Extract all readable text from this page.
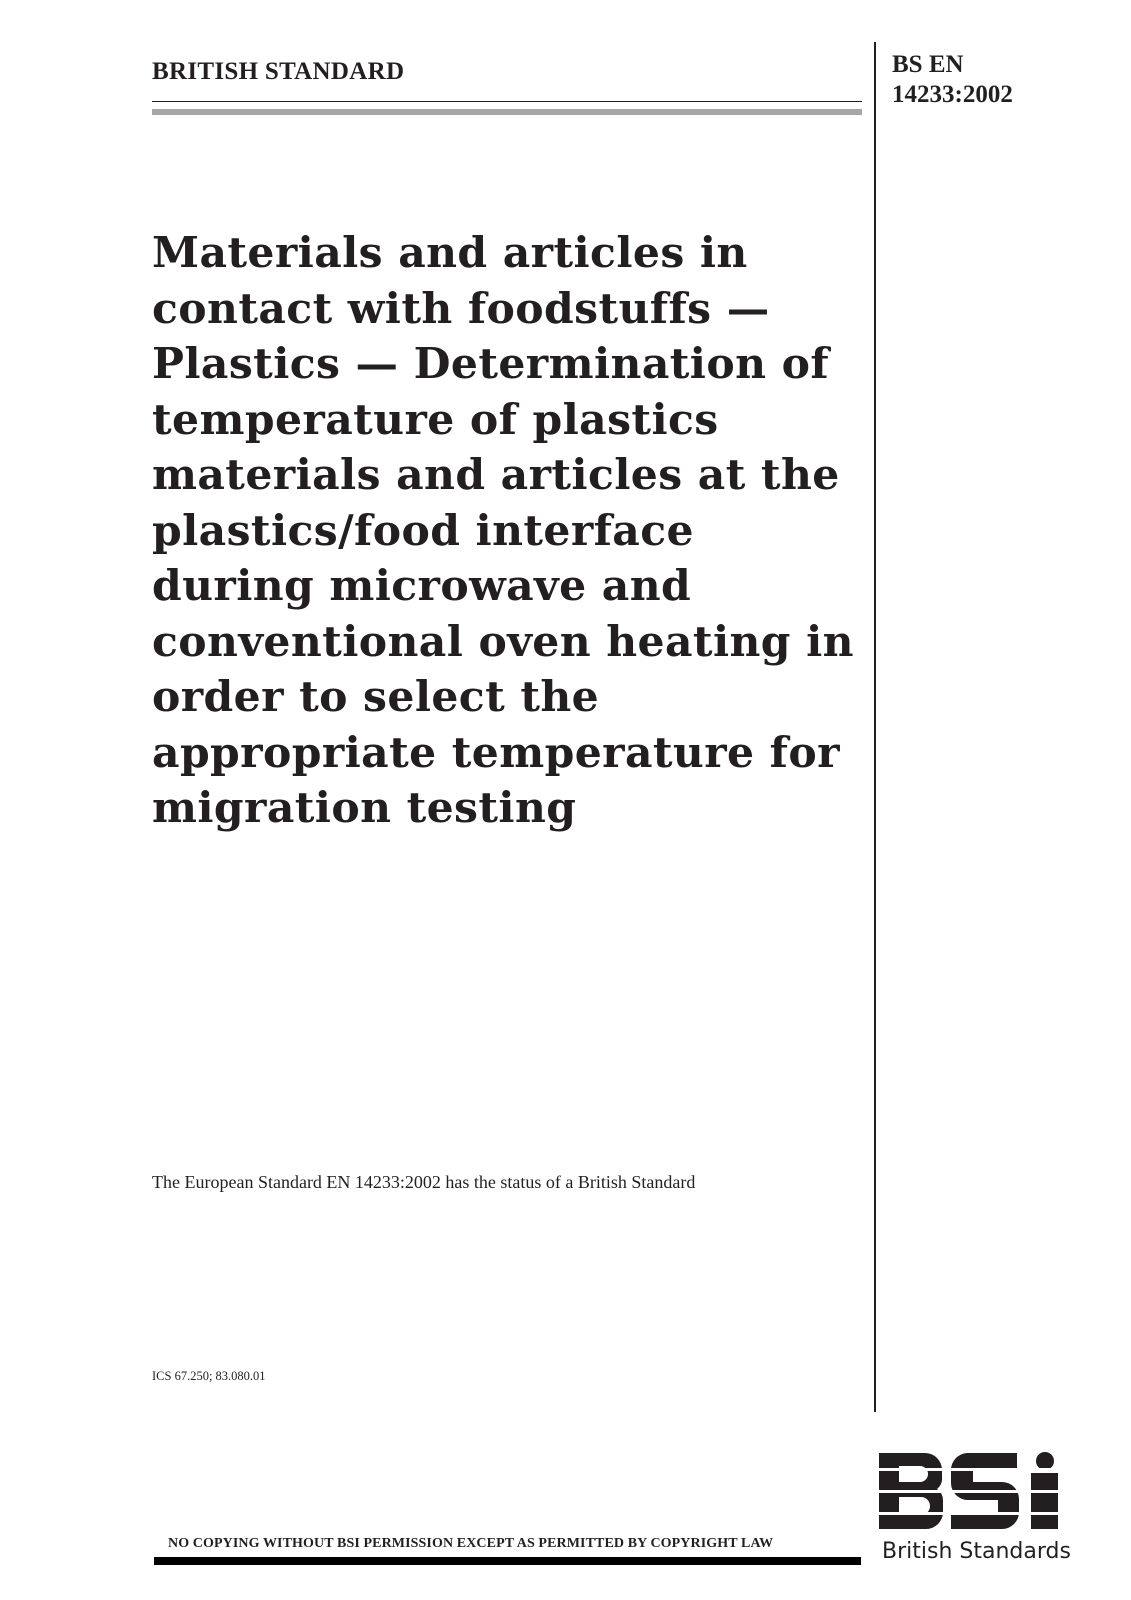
BRITISH STANDARD	BS EN
14233:2002
Materials and articles in contact with foodstuffs — Plastics — Determination of temperature of plastics materials and articles at the plastics/food interface during microwave and conventional oven heating in order to select the appropriate temperature for migration testing

The European Standard EN 14233:2002 has the status of a British Standard

ICS 67.250; 83.080.01

NO COPYING WITHOUT BSI PERMISSION EXCEPT AS PERMITTED BY COPYRIGHT LAW	British Standards
